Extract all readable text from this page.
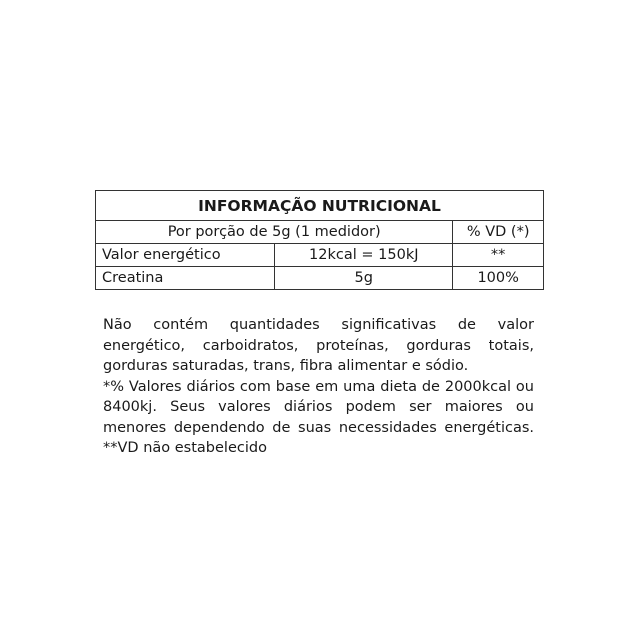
INFORMAÇÃO NUTRICIONAL		
Por porção de 5g (1 medidor)		% VD (*)
Valor energético	12kcal = 150kJ	**
Creatina	5g	100%

Não contém quantidades significativas de valor energético, carboidratos, proteínas, gorduras totais, gorduras saturadas, trans, fibra alimentar e sódio.

*% Valores diários com base em uma dieta de 2000kcal ou 8400kj. Seus valores diários podem ser maiores ou menores dependendo de suas necessidades energéticas. **VD não estabelecido
